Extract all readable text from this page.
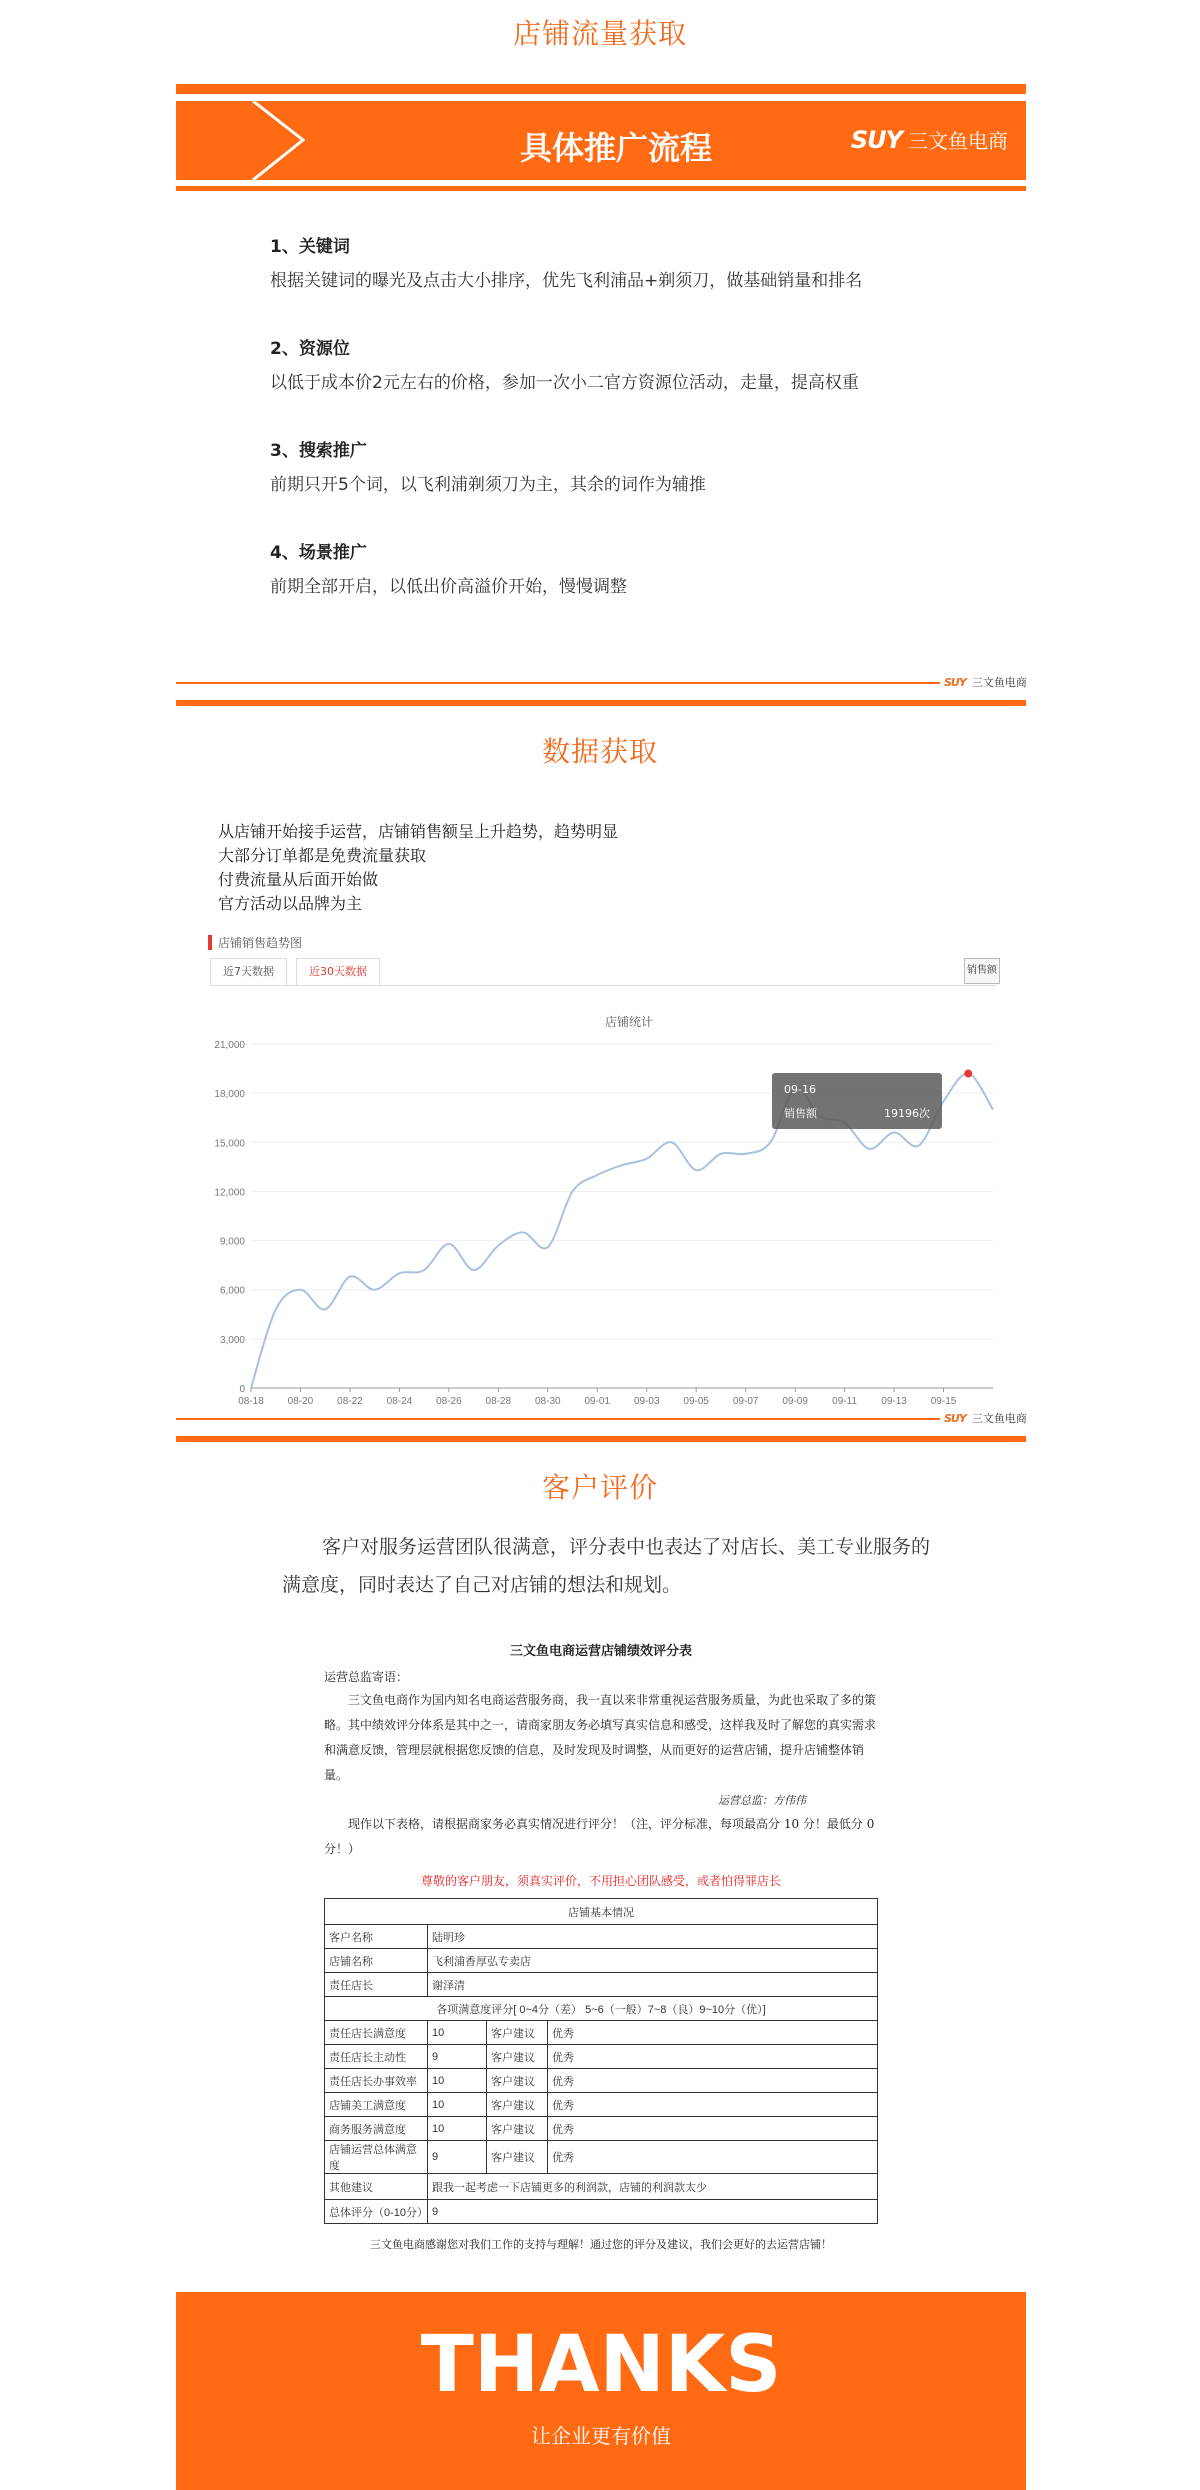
店铺流量获取
具体推广流程	SUY 三文鱼电商
1、关键词
根据关键词的曝光及点击大小排序，优先飞利浦品+剃须刀，做基础销量和排名
2、资源位
以低于成本价2元左右的价格，参加一次小二官方资源位活动，走量，提高权重
3、搜索推广
前期只开5个词，以飞利浦剃须刀为主，其余的词作为辅推
4、场景推广
前期全部开启，以低出价高溢价开始，慢慢调整
SUY 三文鱼电商
数据获取
从店铺开始接手运营，店铺销售额呈上升趋势，趋势明显
大部分订单都是免费流量获取
付费流量从后面开始做
官方活动以品牌为主
店铺销售趋势图
近7天数据	近30天数据	销售额
店铺统计
0
3,000
6,000
9,000
12,000
15,000
18,000
21,000
08-18 08-20 08-22 08-24 08-26 08-28 08-30 09-01 09-03 09-05 09-07 09-09 09-11 09-13 09-15
09-16
销售额	19196次
SUY 三文鱼电商
客户评价
客户对服务运营团队很满意，评分表中也表达了对店长、美工专业服务的满意度，同时表达了自己对店铺的想法和规划。
三文鱼电商运营店铺绩效评分表
运营总监寄语：
三文鱼电商作为国内知名电商运营服务商，我一直以来非常重视运营服务质量，为此也采取了多的策略。其中绩效评分体系是其中之一，请商家朋友务必填写真实信息和感受，这样我及时了解您的真实需求和满意反馈，管理层就根据您反馈的信息，及时发现及时调整，从而更好的运营店铺，提升店铺整体销量。
运营总监：方伟伟
现作以下表格，请根据商家务必真实情况进行评分！（注，评分标准，每项最高分 10 分！最低分 0 分！）
尊敬的客户朋友，须真实评价，不用担心团队感受，或者怕得罪店长
店铺基本情况			
客户名称	陆明珍		
店铺名称	飞利浦香厚弘专卖店		
责任店长	谢泽清		
各项满意度评分[ 0~4分（差） 5~6（一般）7~8（良）9~10分（优）]			
责任店长满意度	10	客户建议	优秀
责任店长主动性	9	客户建议	优秀
责任店长办事效率	10	客户建议	优秀
店铺美工满意度	10	客户建议	优秀
商务服务满意度	10	客户建议	优秀
店铺运营总体满意度	9	客户建议	优秀
其他建议	跟我一起考虑一下店铺更多的利润款，店铺的利润款太少		
总体评分（0-10分）	9		
三文鱼电商感谢您对我们工作的支持与理解！通过您的评分及建议，我们会更好的去运营店铺！
THANKS
让企业更有价值
